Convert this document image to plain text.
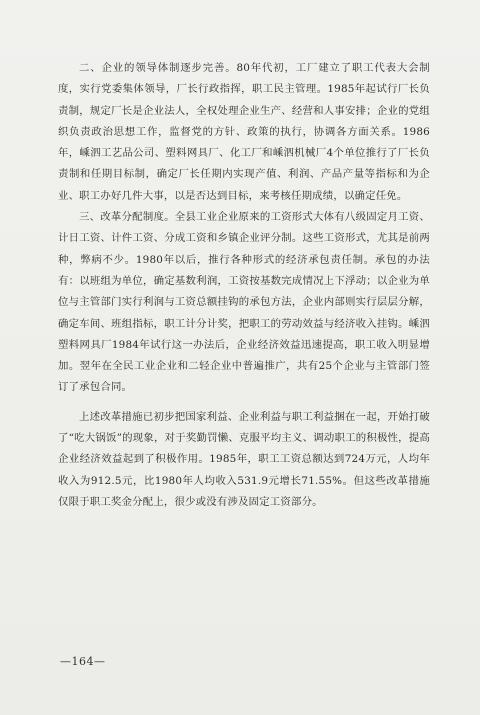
二、企业的领导体制逐步完善。80年代初，工厂建立了职工代表大会制度，实行党委集体领导，厂长行政指挥，职工民主管理。1985年起试行厂长负责制，规定厂长是企业法人，全权处理企业生产、经营和人事安排；企业的党组织负责政治思想工作，监督党的方针、政策的执行，协调各方面关系。1986年，嵊泗工艺品公司、塑料网具厂、化工厂和嵊泗机械厂4个单位推行了厂长负责制和任期目标制，确定厂长任期内实现产值、利润、产品产量等指标和为企业、职工办好几件大事，以是否达到目标，来考核任期成绩，以确定任免。

三、改革分配制度。全县工业企业原来的工资形式大体有八级固定月工资、计日工资、计件工资、分成工资和乡镇企业评分制。这些工资形式，尤其是前两种，弊病不少。1980年以后，推行各种形式的经济承包责任制。承包的办法有：以班组为单位，确定基数利润，工资按基数完成情况上下浮动；以企业为单位与主管部门实行利润与工资总额挂钩的承包方法，企业内部则实行层层分解，确定车间、班组指标，职工计分计奖，把职工的劳动效益与经济收入挂钩。嵊泗塑料网具厂1984年试行这一办法后，企业经济效益迅速提高，职工收入明显增加。翌年在全民工业企业和二轻企业中普遍推广，共有25个企业与主管部门签订了承包合同。

上述改革措施已初步把国家利益、企业利益与职工利益捆在一起，开始打破了“吃大锅饭”的现象，对于奖勤罚懒、克服平均主义、调动职工的积极性，提高企业经济效益起到了积极作用。1985年，职工工资总额达到724万元，人均年收入为912.5元，比1980年人均收入531.9元增长71.55%。但这些改革措施仅限于职工奖金分配上，很少或没有涉及固定工资部分。

—164—
